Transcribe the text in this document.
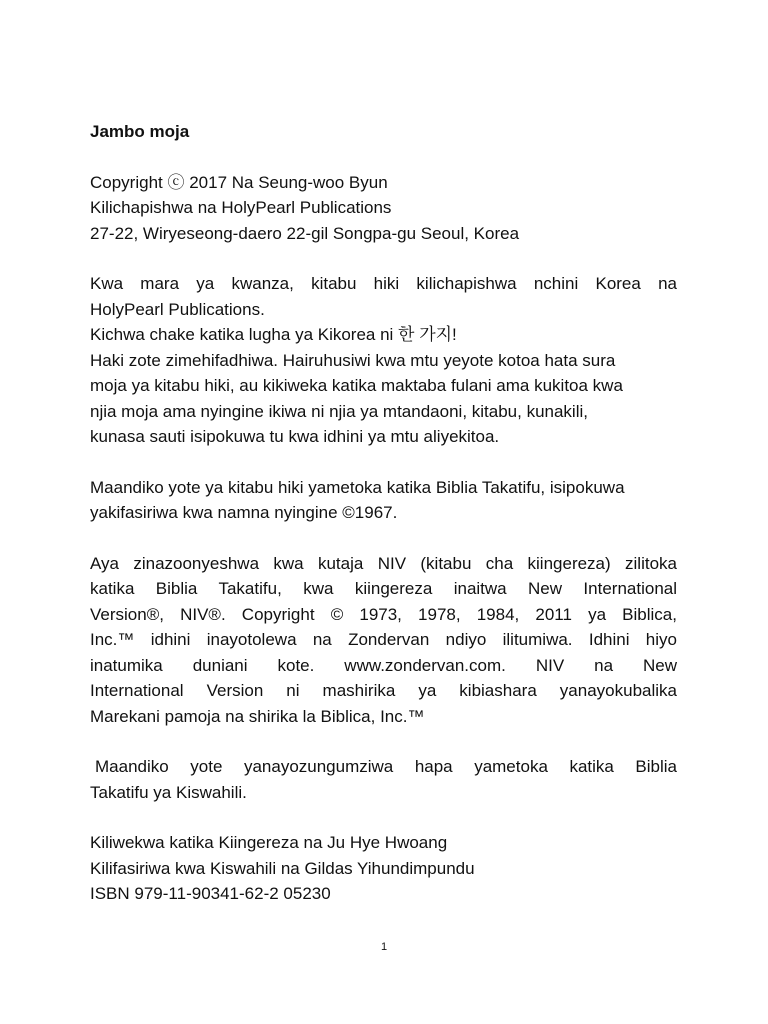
Jambo moja
Copyright ⓒ 2017 Na Seung-woo Byun
Kilichapishwa na HolyPearl Publications
27-22, Wiryeseong-daero 22-gil Songpa-gu Seoul, Korea
Kwa mara ya kwanza, kitabu hiki kilichapishwa nchini Korea na
HolyPearl Publications.
Kichwa chake katika lugha ya Kikorea ni 한 가지!
Haki zote zimehifadhiwa. Hairuhusiwi kwa mtu yeyote kotoa hata sura
moja ya kitabu hiki, au kikiweka katika maktaba fulani ama kukitoa kwa
njia moja ama nyingine ikiwa ni njia ya mtandaoni, kitabu, kunakili,
kunasa sauti isipokuwa tu kwa idhini ya mtu aliyekitoa.
Maandiko yote ya kitabu hiki yametoka katika Biblia Takatifu, isipokuwa
yakifasiriwa kwa namna nyingine ©1967.
Aya zinazoonyeshwa kwa kutaja NIV (kitabu cha kiingereza) zilitoka
katika Biblia Takatifu, kwa kiingereza inaitwa New International
Version®, NIV®. Copyright © 1973, 1978, 1984, 2011 ya Biblica,
Inc.™ idhini inayotolewa na Zondervan ndiyo ilitumiwa. Idhini hiyo
inatumika duniani kote. www.zondervan.com. NIV na New
International Version ni mashirika ya kibiashara yanayokubalika
Marekani pamoja na shirika la Biblica, Inc.™
Maandiko yote yanayozungumziwa hapa yametoka katika Biblia
Takatifu ya Kiswahili.
Kiliwekwa katika Kiingereza na Ju Hye Hwoang
Kilifasiriwa kwa Kiswahili na Gildas Yihundimpundu
ISBN 979-11-90341-62-2 05230
1
